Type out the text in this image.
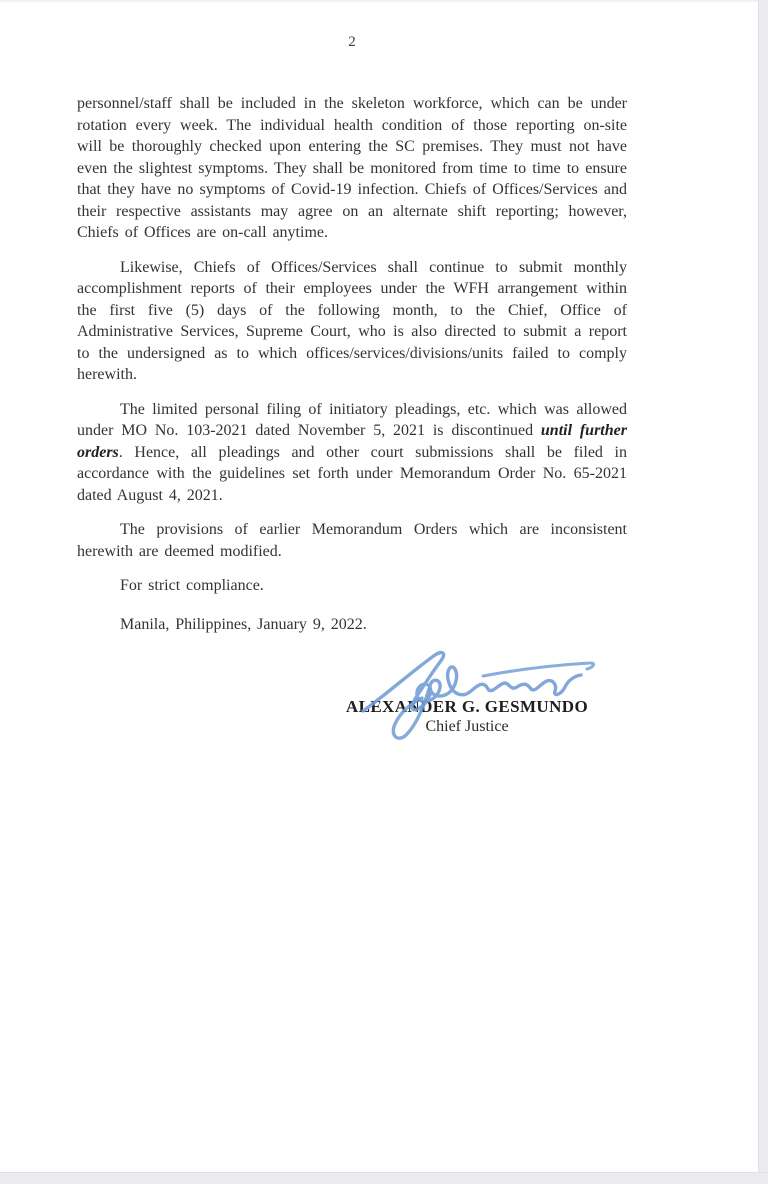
2

personnel/staff shall be included in the skeleton workforce, which can be under rotation every week. The individual health condition of those reporting on-site will be thoroughly checked upon entering the SC premises. They must not have even the slightest symptoms. They shall be monitored from time to time to ensure that they have no symptoms of Covid-19 infection. Chiefs of Offices/Services and their respective assistants may agree on an alternate shift reporting; however, Chiefs of Offices are on-call anytime.

Likewise, Chiefs of Offices/Services shall continue to submit monthly accomplishment reports of their employees under the WFH arrangement within the first five (5) days of the following month, to the Chief, Office of Administrative Services, Supreme Court, who is also directed to submit a report to the undersigned as to which offices/services/divisions/units failed to comply herewith.

The limited personal filing of initiatory pleadings, etc. which was allowed under MO No. 103-2021 dated November 5, 2021 is discontinued until further orders. Hence, all pleadings and other court submissions shall be filed in accordance with the guidelines set forth under Memorandum Order No. 65-2021 dated August 4, 2021.

The provisions of earlier Memorandum Orders which are inconsistent herewith are deemed modified.

For strict compliance.

Manila, Philippines, January 9, 2022.

ALEXANDER G. GESMUNDO
Chief Justice
